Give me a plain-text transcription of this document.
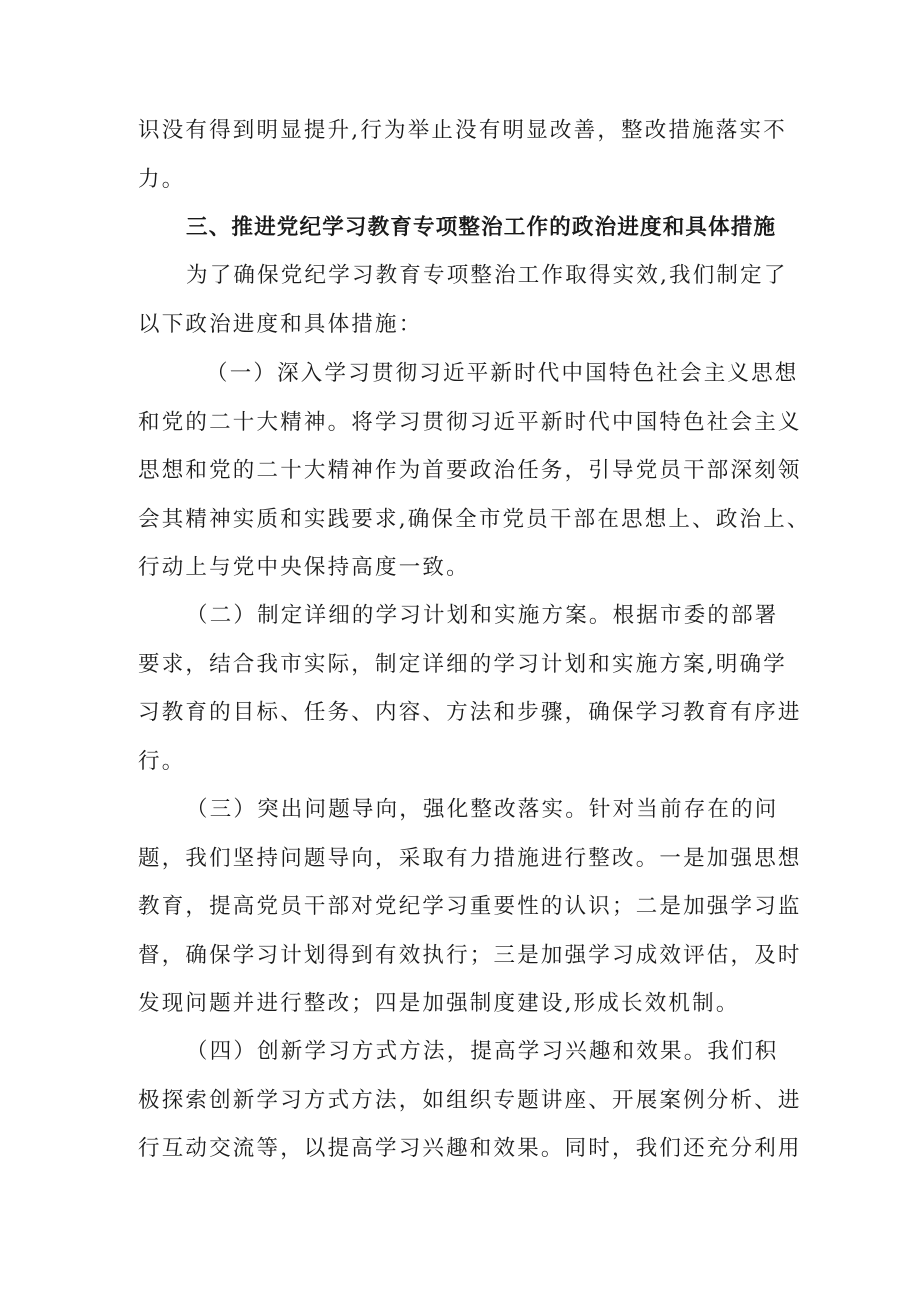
识没有得到明显提升,行为举止没有明显改善，整改措施落实不
力。
三、推进党纪学习教育专项整治工作的政治进度和具体措施
为了确保党纪学习教育专项整治工作取得实效,我们制定了
以下政治进度和具体措施：
（一）深入学习贯彻习近平新时代中国特色社会主义思想
和党的二十大精神。将学习贯彻习近平新时代中国特色社会主义
思想和党的二十大精神作为首要政治任务，引导党员干部深刻领
会其精神实质和实践要求,确保全市党员干部在思想上、政治上、
行动上与党中央保持高度一致。
（二）制定详细的学习计划和实施方案。根据市委的部署
要求，结合我市实际，制定详细的学习计划和实施方案,明确学
习教育的目标、任务、内容、方法和步骤，确保学习教育有序进
行。
（三）突出问题导向，强化整改落实。针对当前存在的问
题，我们坚持问题导向，采取有力措施进行整改。一是加强思想
教育，提高党员干部对党纪学习重要性的认识；二是加强学习监
督，确保学习计划得到有效执行；三是加强学习成效评估，及时
发现问题并进行整改；四是加强制度建设,形成长效机制。
（四）创新学习方式方法，提高学习兴趣和效果。我们积
极探索创新学习方式方法，如组织专题讲座、开展案例分析、进
行互动交流等，以提高学习兴趣和效果。同时，我们还充分利用
